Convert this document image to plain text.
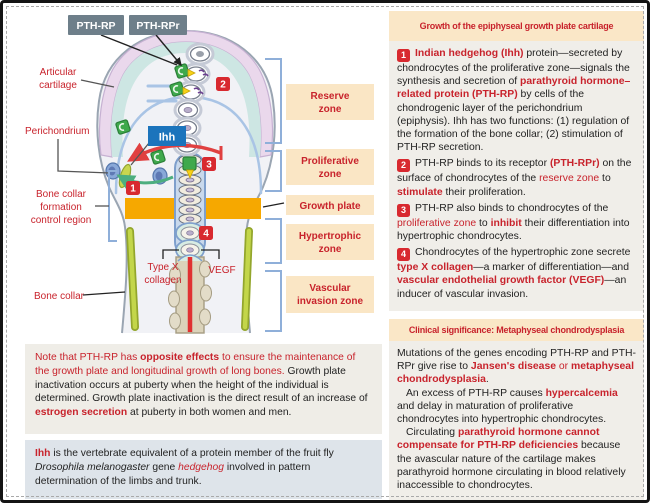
1
2
3
4
PTH-RP PTH-RPr
Ihh
Articular
cartilage
Perichondrium
Bone collar
formation
control region
Bone collar
Type X
collagen
VEGF
Reserve
zone
Proliferative
zone
Growth plate
Hypertrophic
zone
Vascular
invasion zone
Note that PTH-RP has opposite effects to ensure the maintenance of the growth plate and longitudinal growth of long bones. Growth plate inactivation occurs at puberty when the height of the individual is determined. Growth plate inactivation is the direct result of an increase of estrogen secretion at puberty in both women and men.
Ihh is the vertebrate equivalent of a protein member of the fruit fly Drosophila melanogaster gene hedgehog involved in pattern determination of the limbs and trunk.
Growth of the epiphyseal growth plate cartilage

1 Indian hedgehog (Ihh) protein—secreted by chondrocytes of the proliferative zone—signals the synthesis and secretion of parathyroid hormone–related protein (PTH-RP) by cells of the chondrogenic layer of the perichondrium (epiphysis). Ihh has two functions: (1) regulation of the formation of the bone collar; (2) stimulation of PTH-RP secretion.

2 PTH-RP binds to its receptor (PTH-RPr) on the surface of chondrocytes of the reserve zone to stimulate their proliferation.

3 PTH-RP also binds to chondrocytes of the proliferative zone to inhibit their differentiation into hypertrophic chondrocytes.

4 Chondrocytes of the hypertrophic zone secrete type X collagen—a marker of differentiation—and vascular endothelial growth factor (VEGF)—an inducer of vascular invasion.

Clinical significance: Metaphyseal chondrodysplasia

Mutations of the genes encoding PTH-RP and PTH-RPr give rise to Jansen's disease or metaphyseal chondrodysplasia.

An excess of PTH-RP causes hypercalcemia and delay in maturation of proliferative chondrocytes into hypertrophic chondrocytes.

Circulating parathyroid hormone cannot compensate for PTH-RP deficiencies because the avascular nature of the cartilage makes parathyroid hormone circulating in blood relatively inaccessible to chondrocytes.
